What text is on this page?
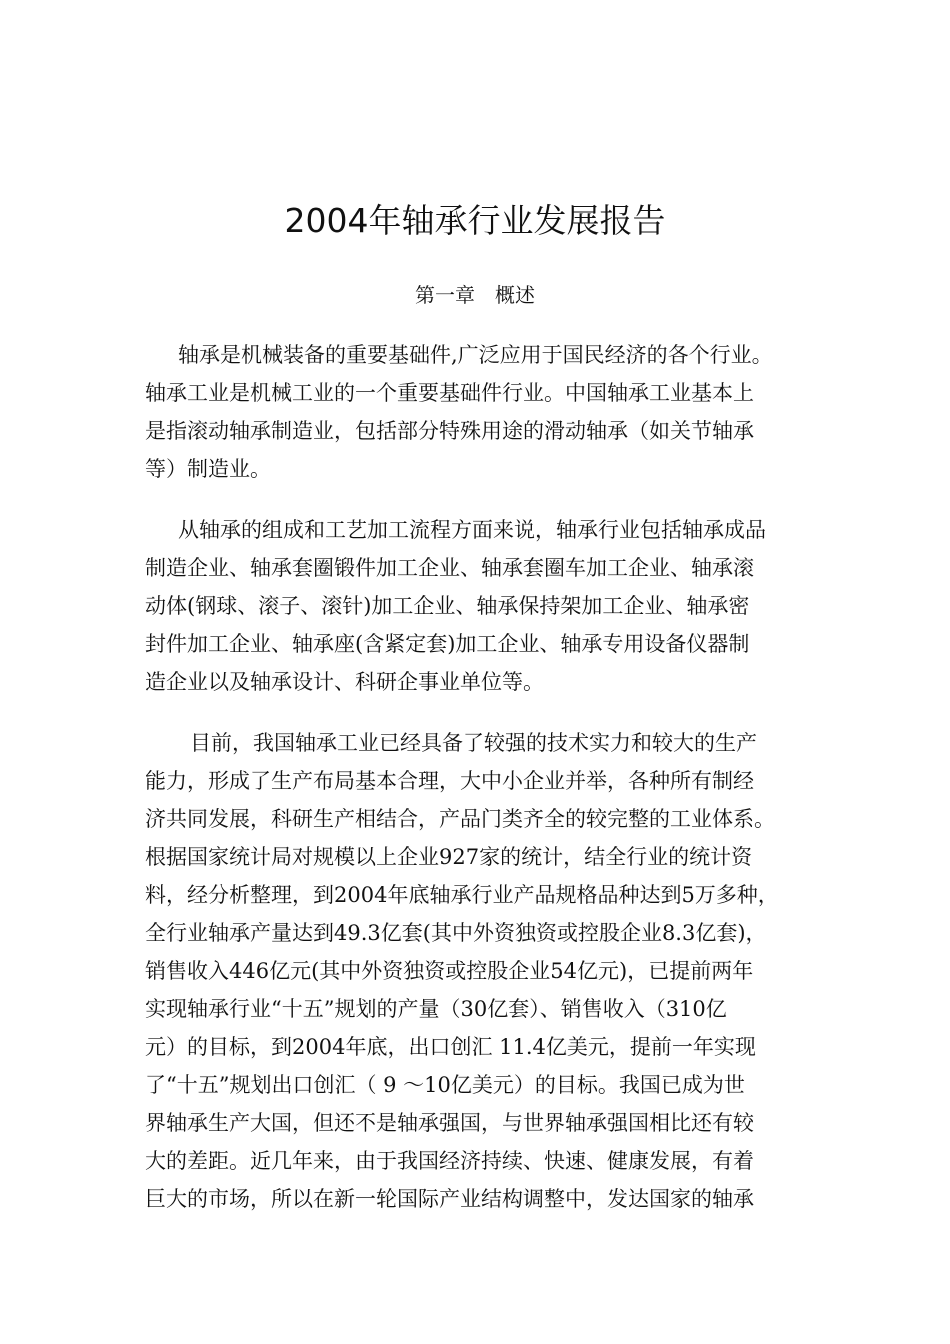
2004年轴承行业发展报告
第一章　概述
轴承是机械装备的重要基础件,广泛应用于国民经济的各个行业。
轴承工业是机械工业的一个重要基础件行业。中国轴承工业基本上
是指滚动轴承制造业，包括部分特殊用途的滑动轴承（如关节轴承
等）制造业。
从轴承的组成和工艺加工流程方面来说，轴承行业包括轴承成品
制造企业、轴承套圈锻件加工企业、轴承套圈车加工企业、轴承滚
动体(钢球、滚子、滚针)加工企业、轴承保持架加工企业、轴承密
封件加工企业、轴承座(含紧定套)加工企业、轴承专用设备仪器制
造企业以及轴承设计、科研企事业单位等。
目前，我国轴承工业已经具备了较强的技术实力和较大的生产
能力，形成了生产布局基本合理，大中小企业并举，各种所有制经
济共同发展，科研生产相结合，产品门类齐全的较完整的工业体系。
根据国家统计局对规模以上企业927家的统计，结全行业的统计资
料，经分析整理，到2004年底轴承行业产品规格品种达到5万多种，
全行业轴承产量达到49.3亿套(其中外资独资或控股企业8.3亿套)，
销售收入446亿元(其中外资独资或控股企业54亿元)，已提前两年
实现轴承行业“十五”规划的产量（30亿套）、销售收入（310亿
元）的目标，到2004年底，出口创汇 11.4亿美元，提前一年实现
了“十五”规划出口创汇（ 9 ～10亿美元）的目标。我国已成为世
界轴承生产大国，但还不是轴承强国，与世界轴承强国相比还有较
大的差距。近几年来，由于我国经济持续、快速、健康发展，有着
巨大的市场，所以在新一轮国际产业结构调整中，发达国家的轴承
